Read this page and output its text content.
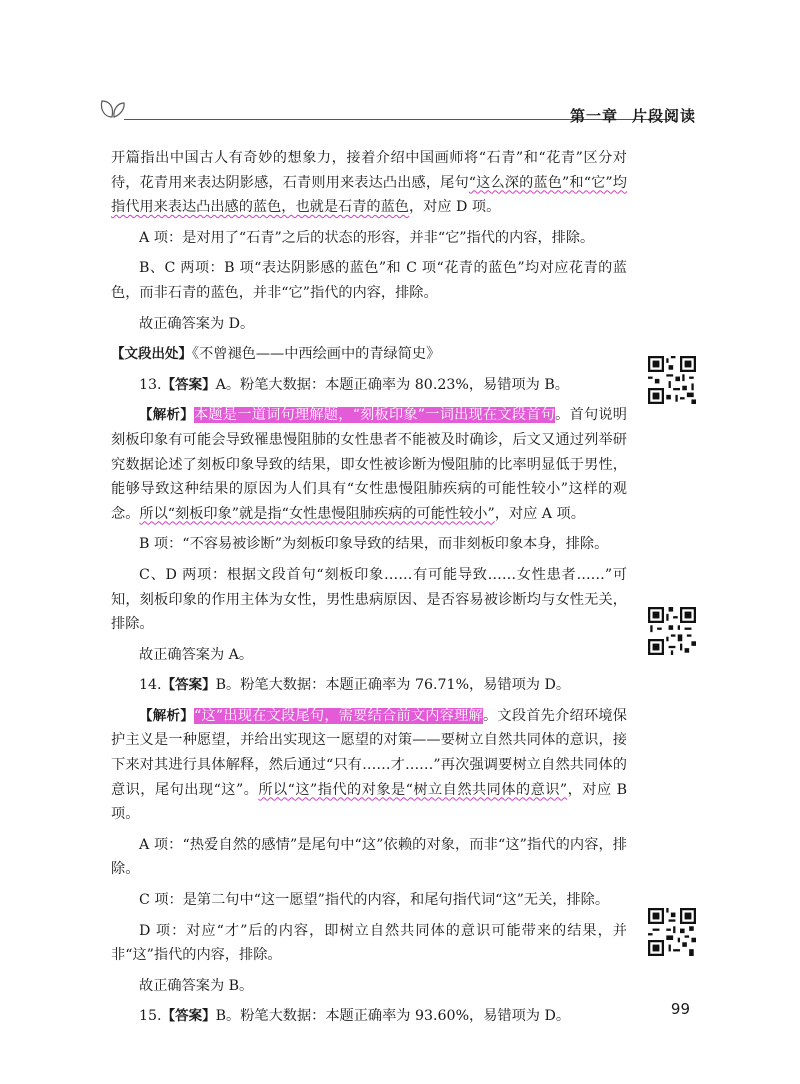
第一章 片段阅读

开篇指出中国古人有奇妙的想象力，接着介绍中国画师将“石青”和“花青”区分对待，花青用来表达阴影感，石青则用来表达凸出感，尾句“这么深的蓝色”和“它”均指代用来表达凸出感的蓝色，也就是石青的蓝色，对应 D 项。

A 项：是对用了“石青”之后的状态的形容，并非“它”指代的内容，排除。

B、C 两项：B 项“表达阴影感的蓝色”和 C 项“花青的蓝色”均对应花青的蓝色，而非石青的蓝色，并非“它”指代的内容，排除。

故正确答案为 D。

【文段出处】《不曾褪色——中西绘画中的青绿简史》

13.【答案】A。粉笔大数据：本题正确率为 80.23%，易错项为 B。

【解析】本题是一道词句理解题，“刻板印象”一词出现在文段首句。首句说明刻板印象有可能会导致罹患慢阻肺的女性患者不能被及时确诊，后文又通过列举研究数据论述了刻板印象导致的结果，即女性被诊断为慢阻肺的比率明显低于男性，能够导致这种结果的原因为人们具有“女性患慢阻肺疾病的可能性较小”这样的观念。所以“刻板印象”就是指“女性患慢阻肺疾病的可能性较小”，对应 A 项。

B 项：“不容易被诊断”为刻板印象导致的结果，而非刻板印象本身，排除。

C、D 两项：根据文段首句“刻板印象……有可能导致……女性患者……”可知，刻板印象的作用主体为女性，男性患病原因、是否容易被诊断均与女性无关，排除。

故正确答案为 A。

14.【答案】B。粉笔大数据：本题正确率为 76.71%，易错项为 D。

【解析】“这”出现在文段尾句，需要结合前文内容理解。文段首先介绍环境保护主义是一种愿望，并给出实现这一愿望的对策——要树立自然共同体的意识，接下来对其进行具体解释，然后通过“只有……才……”再次强调要树立自然共同体的意识，尾句出现“这”。所以“这”指代的对象是“树立自然共同体的意识”，对应 B 项。

A 项：“热爱自然的感情”是尾句中“这”依赖的对象，而非“这”指代的内容，排除。

C 项：是第二句中“这一愿望”指代的内容，和尾句指代词“这”无关，排除。

D 项：对应“才”后的内容，即树立自然共同体的意识可能带来的结果，并非“这”指代的内容，排除。

故正确答案为 B。

15.【答案】B。粉笔大数据：本题正确率为 93.60%，易错项为 D。	99
